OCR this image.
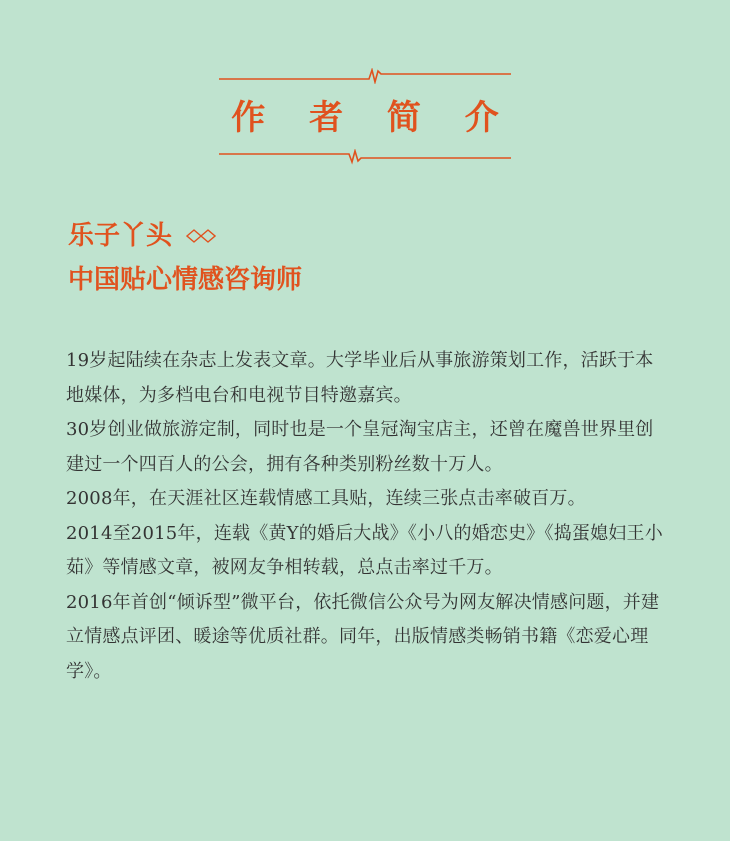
作 者 简 介
乐子丫头
中国贴心情感咨询师

19岁起陆续在杂志上发表文章。大学毕业后从事旅游策划工作，活跃于本地媒体，为多档电台和电视节目特邀嘉宾。

30岁创业做旅游定制，同时也是一个皇冠淘宝店主，还曾在魔兽世界里创建过一个四百人的公会，拥有各种类别粉丝数十万人。

2008年，在天涯社区连载情感工具贴，连续三张点击率破百万。

2014至2015年，连载《黄Y的婚后大战》《小八的婚恋史》《捣蛋媳妇王小茹》等情感文章，被网友争相转载，总点击率过千万。

2016年首创“倾诉型”微平台，依托微信公众号为网友解决情感问题，并建立情感点评团、暖途等优质社群。同年，出版情感类畅销书籍《恋爱心理学》。
